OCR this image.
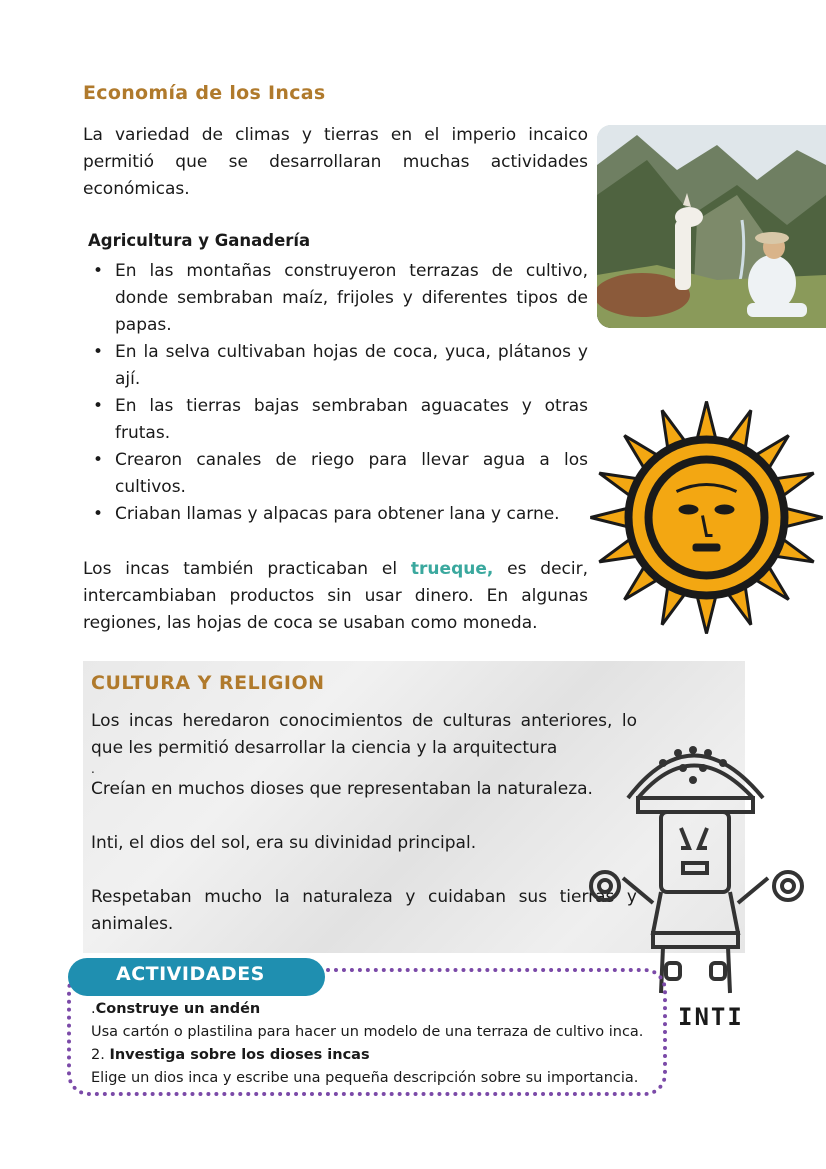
Economía de los Incas

La variedad de climas y tierras en el imperio incaico permitió que se desarrollaran muchas actividades económicas.

Agricultura y Ganadería
• En las montañas construyeron terrazas de cultivo, donde sembraban maíz, frijoles y diferentes tipos de papas.
• En la selva cultivaban hojas de coca, yuca, plátanos y ají.
• En las tierras bajas sembraban aguacates y otras frutas.
• Crearon canales de riego para llevar agua a los cultivos.
• Criaban llamas y alpacas para obtener lana y carne.

Los incas también practicaban el trueque, es decir, intercambiaban productos sin usar dinero. En algunas regiones, las hojas de coca se usaban como moneda.

CULTURA Y RELIGION

Los incas heredaron conocimientos de culturas anteriores, lo que les permitió desarrollar la ciencia y la arquitectura

.

Creían en muchos dioses que representaban la naturaleza.

Inti, el dios del sol, era su divinidad principal.

Respetaban mucho la naturaleza y cuidaban sus tierras y animales.

INTI
ACTIVIDADES
.Construye un andén
Usa cartón o plastilina para hacer un modelo de una terraza de cultivo inca.
2. Investiga sobre los dioses incas
Elige un dios inca y escribe una pequeña descripción sobre su importancia.
